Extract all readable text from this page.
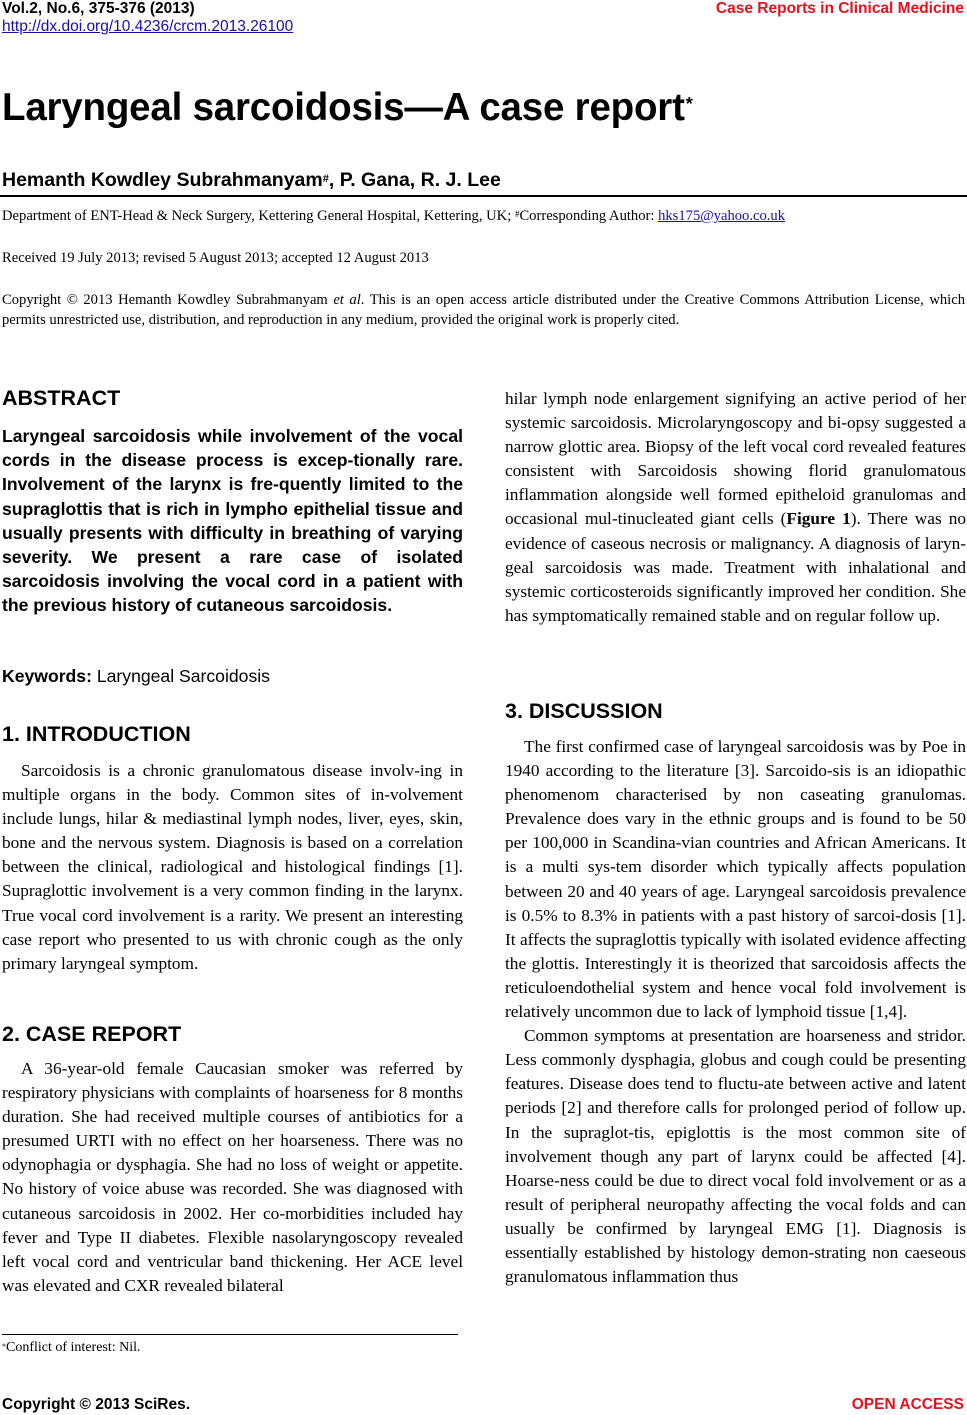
Vol.2, No.6, 375-376 (2013)
http://dx.doi.org/10.4236/crcm.2013.26100
Case Reports in Clinical Medicine
Laryngeal sarcoidosis—A case report*
Hemanth Kowdley Subrahmanyam#, P. Gana, R. J. Lee
Department of ENT-Head & Neck Surgery, Kettering General Hospital, Kettering, UK; #Corresponding Author: hks175@yahoo.co.uk
Received 19 July 2013; revised 5 August 2013; accepted 12 August 2013
Copyright © 2013 Hemanth Kowdley Subrahmanyam et al. This is an open access article distributed under the Creative Commons Attribution License, which permits unrestricted use, distribution, and reproduction in any medium, provided the original work is properly cited.
ABSTRACT
Laryngeal sarcoidosis while involvement of the vocal cords in the disease process is excep-tionally rare. Involvement of the larynx is fre-quently limited to the supraglottis that is rich in lympho epithelial tissue and usually presents with difficulty in breathing of varying severity. We present a rare case of isolated sarcoidosis involving the vocal cord in a patient with the previous history of cutaneous sarcoidosis.
Keywords: Laryngeal Sarcoidosis
1. INTRODUCTION
Sarcoidosis is a chronic granulomatous disease involv-ing in multiple organs in the body. Common sites of in-volvement include lungs, hilar & mediastinal lymph nodes, liver, eyes, skin, bone and the nervous system. Diagnosis is based on a correlation between the clinical, radiological and histological findings [1]. Supraglottic involvement is a very common finding in the larynx. True vocal cord involvement is a rarity. We present an interesting case report who presented to us with chronic cough as the only primary laryngeal symptom.
2. CASE REPORT
A 36-year-old female Caucasian smoker was referred by respiratory physicians with complaints of hoarseness for 8 months duration. She had received multiple courses of antibiotics for a presumed URTI with no effect on her hoarseness. There was no odynophagia or dysphagia. She had no loss of weight or appetite. No history of voice abuse was recorded. She was diagnosed with cutaneous sarcoidosis in 2002. Her co-morbidities included hay fever and Type II diabetes. Flexible nasolaryngoscopy revealed left vocal cord and ventricular band thickening. Her ACE level was elevated and CXR revealed bilateral
*Conflict of interest: Nil.
hilar lymph node enlargement signifying an active period of her systemic sarcoidosis. Microlaryngoscopy and bi-opsy suggested a narrow glottic area. Biopsy of the left vocal cord revealed features consistent with Sarcoidosis showing florid granulomatous inflammation alongside well formed epitheloid granulomas and occasional mul-tinucleated giant cells (Figure 1). There was no evidence of caseous necrosis or malignancy. A diagnosis of laryn-geal sarcoidosis was made. Treatment with inhalational and systemic corticosteroids significantly improved her condition. She has symptomatically remained stable and on regular follow up.
3. DISCUSSION
The first confirmed case of laryngeal sarcoidosis was by Poe in 1940 according to the literature [3]. Sarcoido-sis is an idiopathic phenomenom characterised by non caseating granulomas. Prevalence does vary in the ethnic groups and is found to be 50 per 100,000 in Scandina-vian countries and African Americans. It is a multi sys-tem disorder which typically affects population between 20 and 40 years of age. Laryngeal sarcoidosis prevalence is 0.5% to 8.3% in patients with a past history of sarcoi-dosis [1]. It affects the supraglottis typically with isolated evidence affecting the glottis. Interestingly it is theorized that sarcoidosis affects the reticuloendothelial system and hence vocal fold involvement is relatively uncommon due to lack of lymphoid tissue [1,4].
Common symptoms at presentation are hoarseness and stridor. Less commonly dysphagia, globus and cough could be presenting features. Disease does tend to fluctu-ate between active and latent periods [2] and therefore calls for prolonged period of follow up. In the supraglot-tis, epiglottis is the most common site of involvement though any part of larynx could be affected [4]. Hoarse-ness could be due to direct vocal fold involvement or as a result of peripheral neuropathy affecting the vocal folds and can usually be confirmed by laryngeal EMG [1]. Diagnosis is essentially established by histology demon-strating non caeseous granulomatous inflammation thus
Copyright © 2013 SciRes.	OPEN ACCESS
